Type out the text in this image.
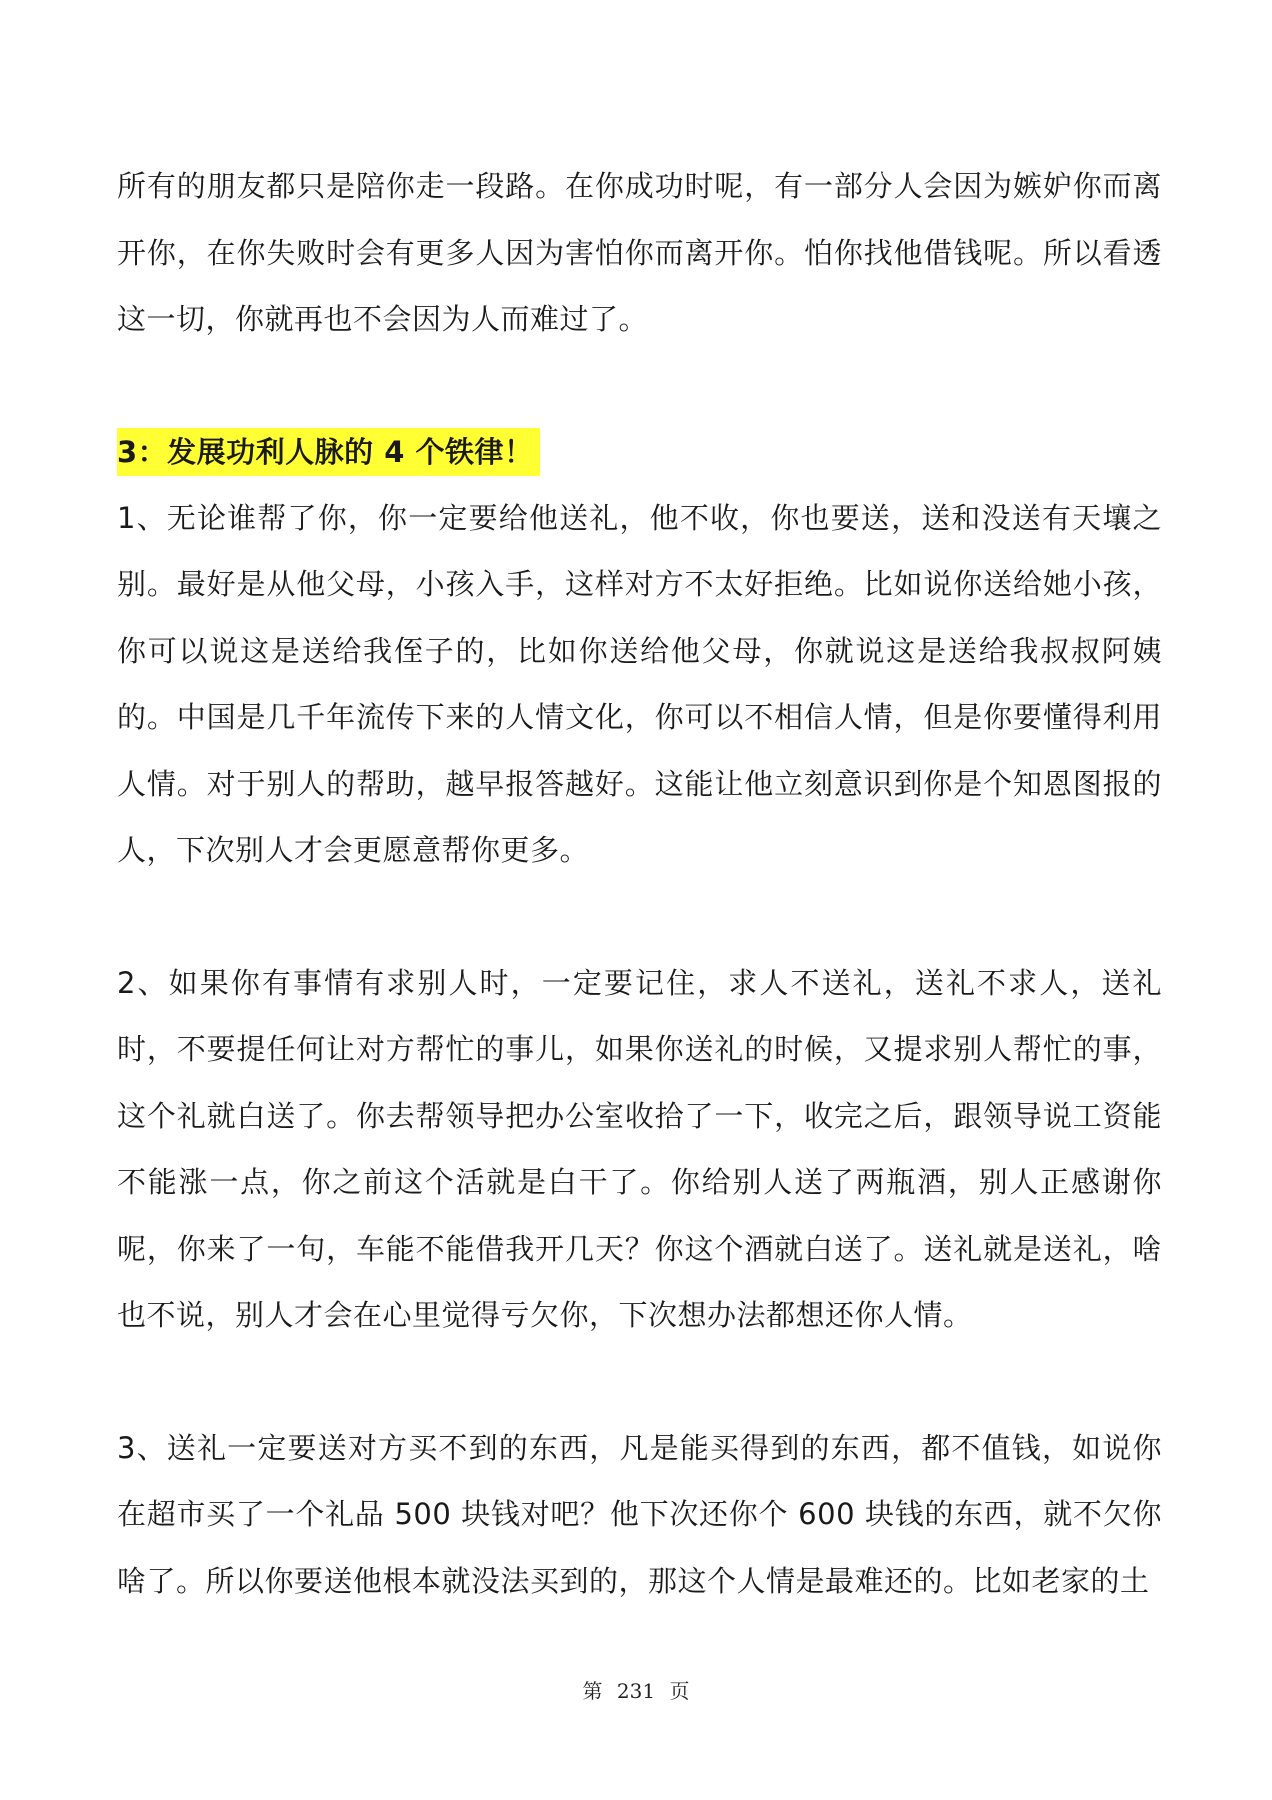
所有的朋友都只是陪你走一段路。在你成功时呢，有一部分人会因为嫉妒你而离开你，在你失败时会有更多人因为害怕你而离开你。怕你找他借钱呢。所以看透这一切，你就再也不会因为人而难过了。

3：发展功利人脉的 4 个铁律！

1、无论谁帮了你，你一定要给他送礼，他不收，你也要送，送和没送有天壤之别。最好是从他父母，小孩入手，这样对方不太好拒绝。比如说你送给她小孩，你可以说这是送给我侄子的，比如你送给他父母，你就说这是送给我叔叔阿姨的。中国是几千年流传下来的人情文化，你可以不相信人情，但是你要懂得利用人情。对于别人的帮助，越早报答越好。这能让他立刻意识到你是个知恩图报的人，下次别人才会更愿意帮你更多。

2、如果你有事情有求别人时，一定要记住，求人不送礼，送礼不求人，送礼时，不要提任何让对方帮忙的事儿，如果你送礼的时候，又提求别人帮忙的事，这个礼就白送了。你去帮领导把办公室收拾了一下，收完之后，跟领导说工资能不能涨一点，你之前这个活就是白干了。你给别人送了两瓶酒，别人正感谢你呢，你来了一句，车能不能借我开几天？你这个酒就白送了。送礼就是送礼，啥也不说，别人才会在心里觉得亏欠你，下次想办法都想还你人情。

3、送礼一定要送对方买不到的东西，凡是能买得到的东西，都不值钱，如说你在超市买了一个礼品 500 块钱对吧？他下次还你个 600 块钱的东西，就不欠你啥了。所以你要送他根本就没法买到的，那这个人情是最难还的。比如老家的土

第 231 页
